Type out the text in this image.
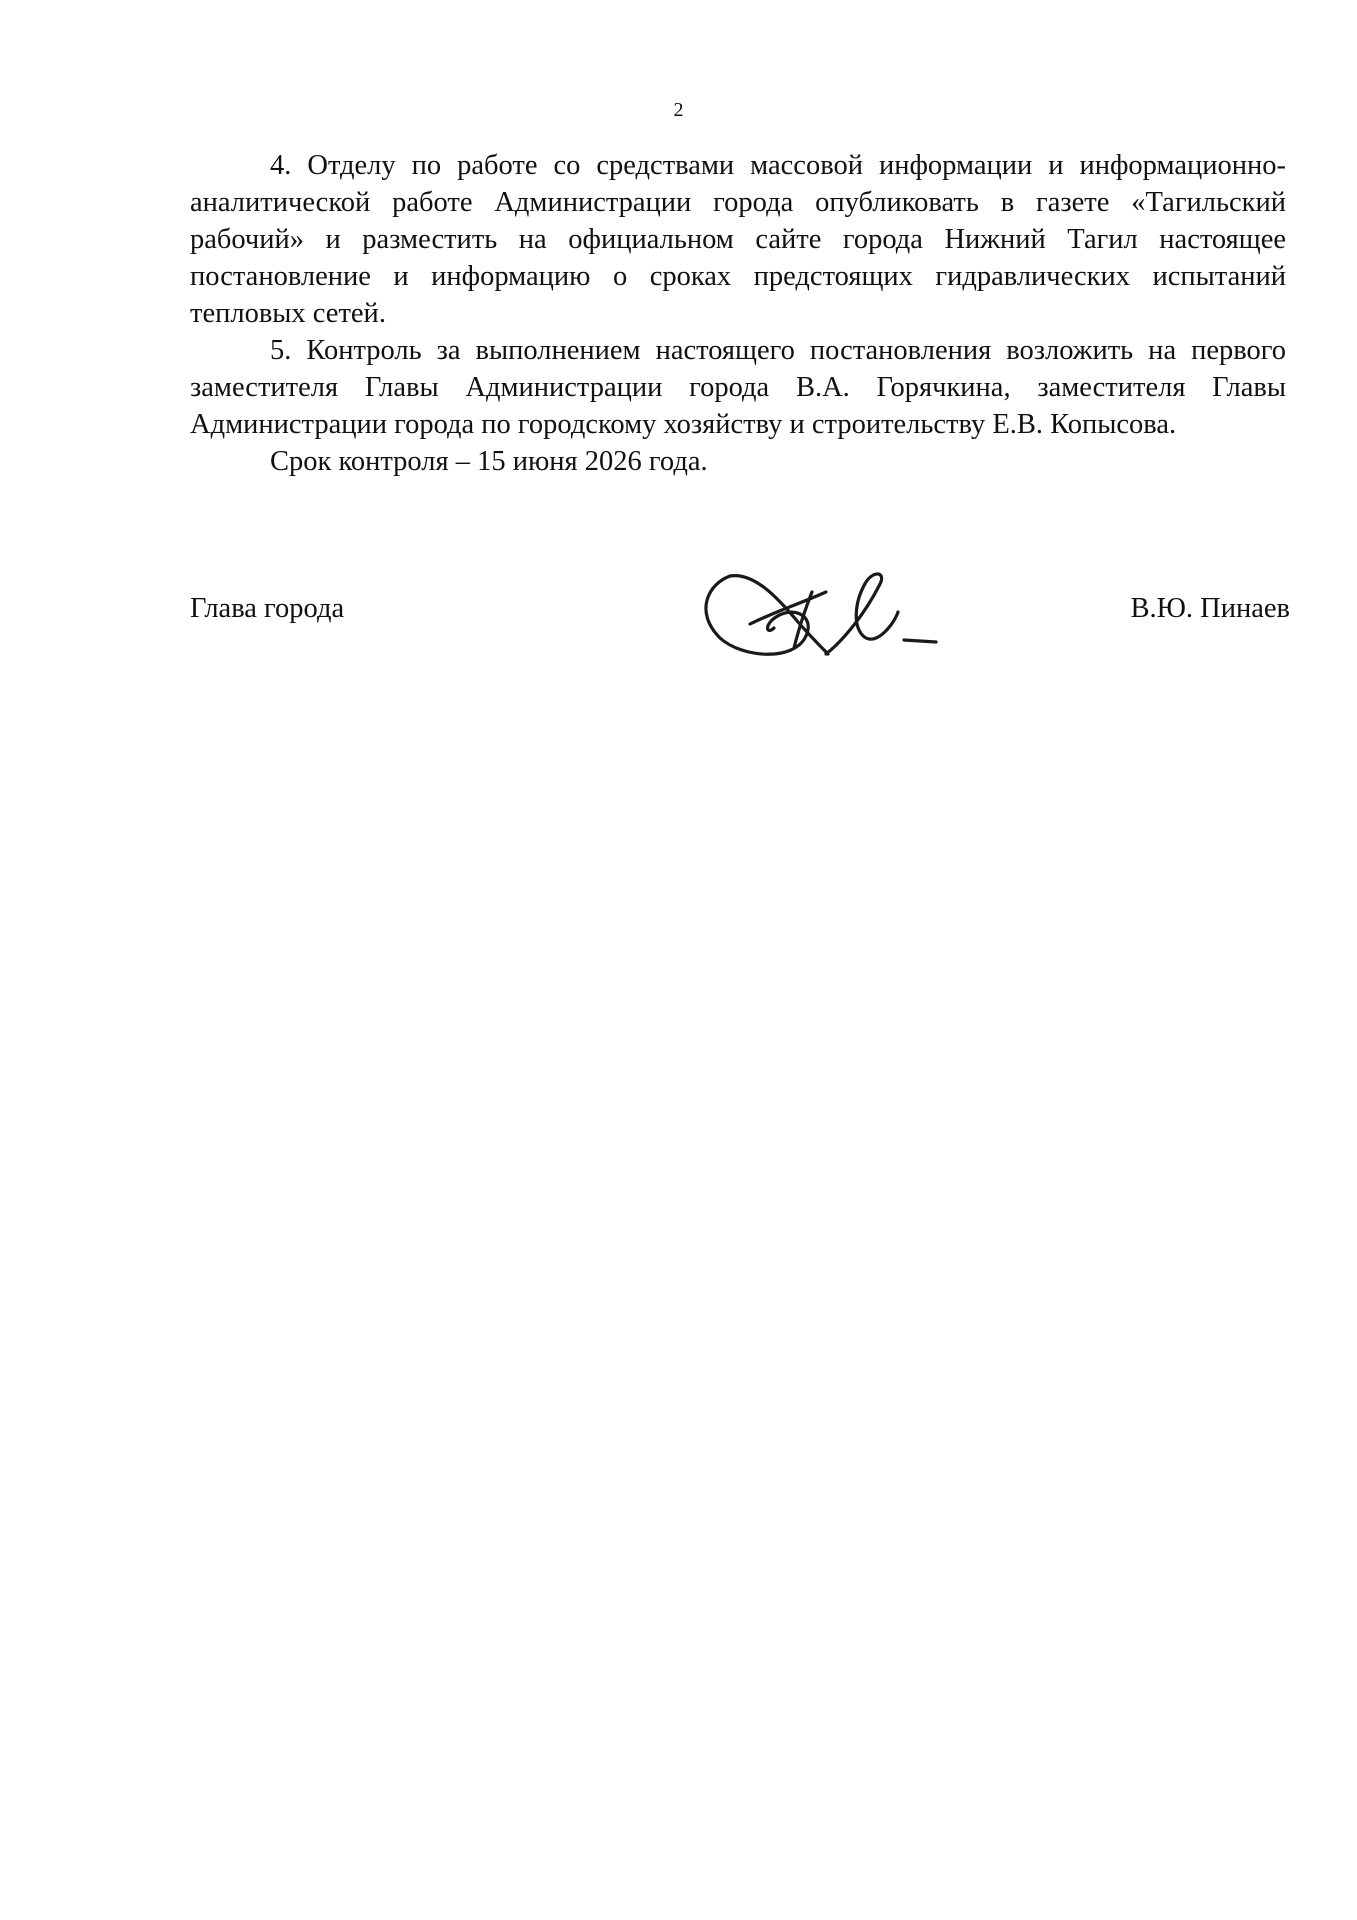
2

4. Отделу по работе со средствами массовой информации и информационно-аналитической работе Администрации города опубликовать в газете «Тагильский рабочий» и разместить на официальном сайте города Нижний Тагил настоящее постановление и информацию о сроках предстоящих гидравлических испытаний тепловых сетей.

5. Контроль за выполнением настоящего постановления возложить на первого заместителя Главы Администрации города В.А. Горячкина, заместителя Главы Администрации города по городскому хозяйству и строительству Е.В. Копысова.

Срок контроля – 15 июня 2026 года.

Глава города	В.Ю. Пинаев
